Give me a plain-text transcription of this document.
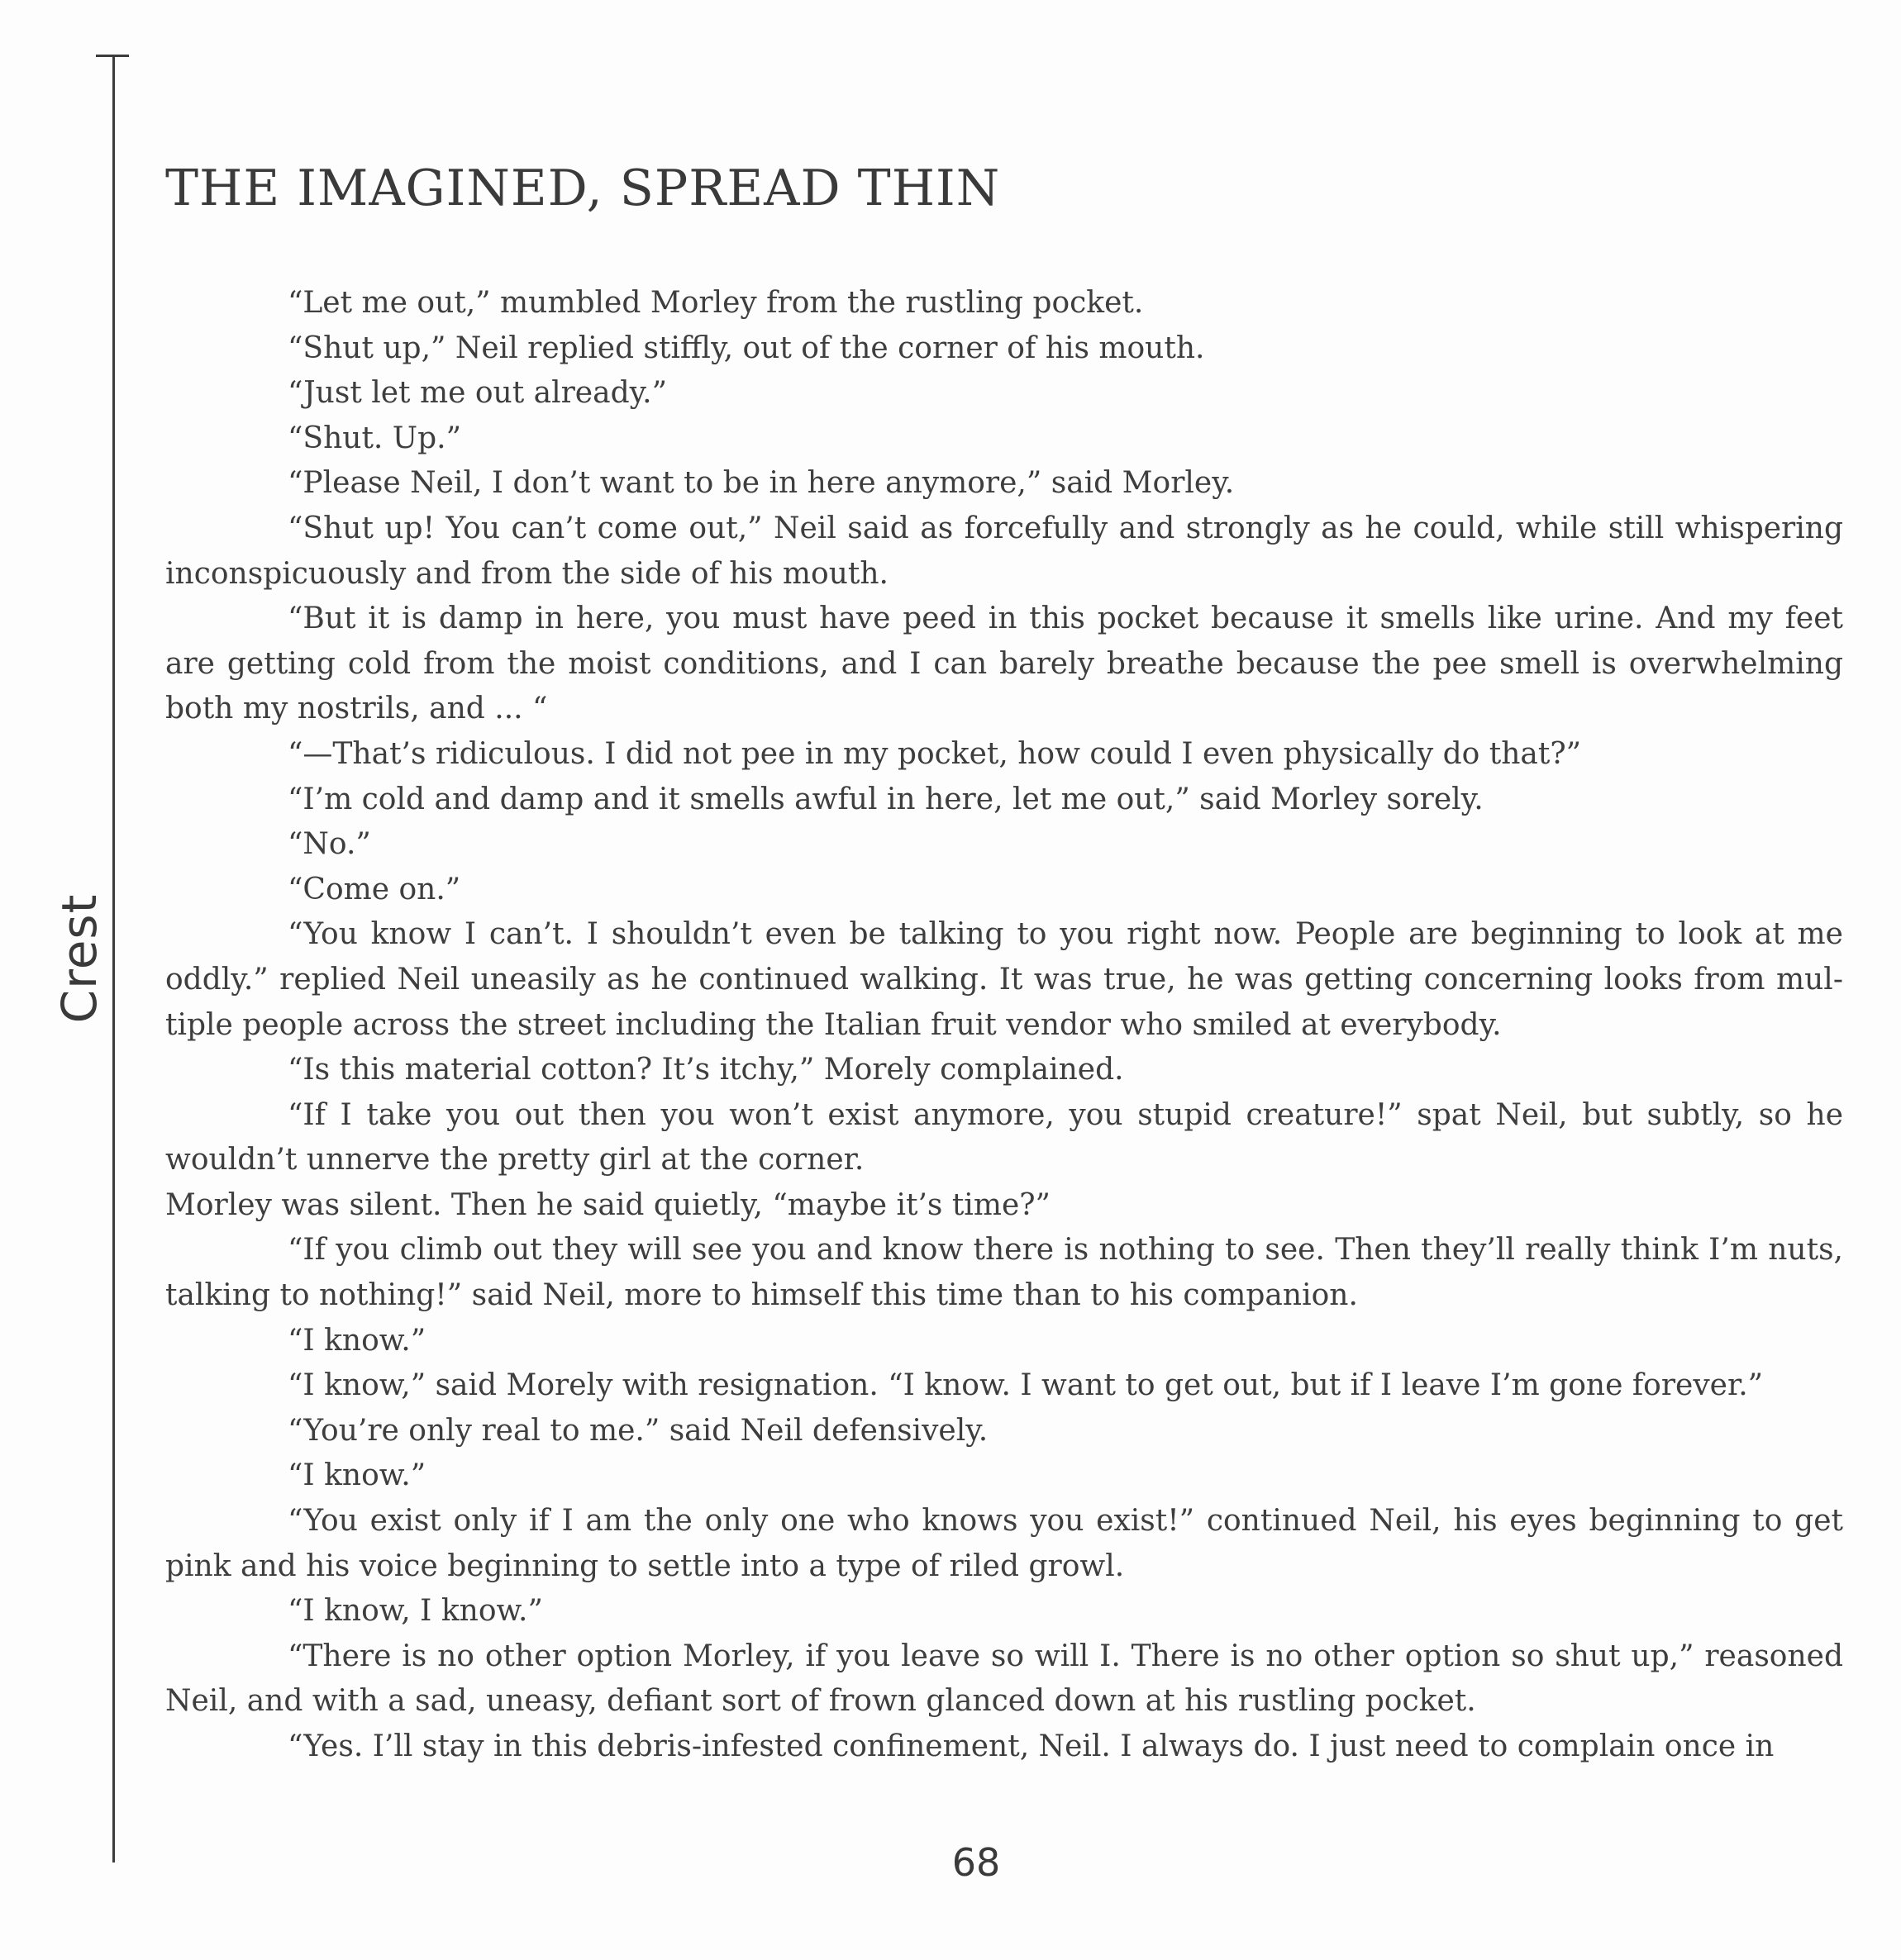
Crest
THE IMAGINED, SPREAD THIN

“Let me out,” mumbled Morley from the rustling pocket.

“Shut up,” Neil replied stiffly, out of the corner of his mouth.

“Just let me out already.”

“Shut. Up.”

“Please Neil, I don’t want to be in here anymore,” said Morley.

“Shut up! You can’t come out,” Neil said as forcefully and strongly as he could, while still whispering inconspicuously and from the side of his mouth.

“But it is damp in here, you must have peed in this pocket because it smells like urine. And my feet are getting cold from the moist conditions, and I can barely breathe because the pee smell is overwhelming both my nostrils, and ... “

“—That’s ridiculous. I did not pee in my pocket, how could I even physically do that?”

“I’m cold and damp and it smells awful in here, let me out,” said Morley sorely.

“No.”

“Come on.”

“You know I can’t. I shouldn’t even be talking to you right now. People are beginning to look at me oddly.” replied Neil uneasily as he continued walking. It was true, he was getting concerning looks from mul-tiple people across the street including the Italian fruit vendor who smiled at everybody.

“Is this material cotton? It’s itchy,” Morely complained.

“If I take you out then you won’t exist anymore, you stupid creature!” spat Neil, but subtly, so he wouldn’t unnerve the pretty girl at the corner.

Morley was silent. Then he said quietly, “maybe it’s time?”

“If you climb out they will see you and know there is nothing to see. Then they’ll really think I’m nuts, talking to nothing!” said Neil, more to himself this time than to his companion.

“I know.”

“I know,” said Morely with resignation. “I know. I want to get out, but if I leave I’m gone forever.”

“You’re only real to me.” said Neil defensively.

“I know.”

“You exist only if I am the only one who knows you exist!” continued Neil, his eyes beginning to get pink and his voice beginning to settle into a type of riled growl.

“I know, I know.”

“There is no other option Morley, if you leave so will I. There is no other option so shut up,” reasoned Neil, and with a sad, uneasy, defiant sort of frown glanced down at his rustling pocket.

“Yes. I’ll stay in this debris-infested confinement, Neil. I always do. I just need to complain once in

68
